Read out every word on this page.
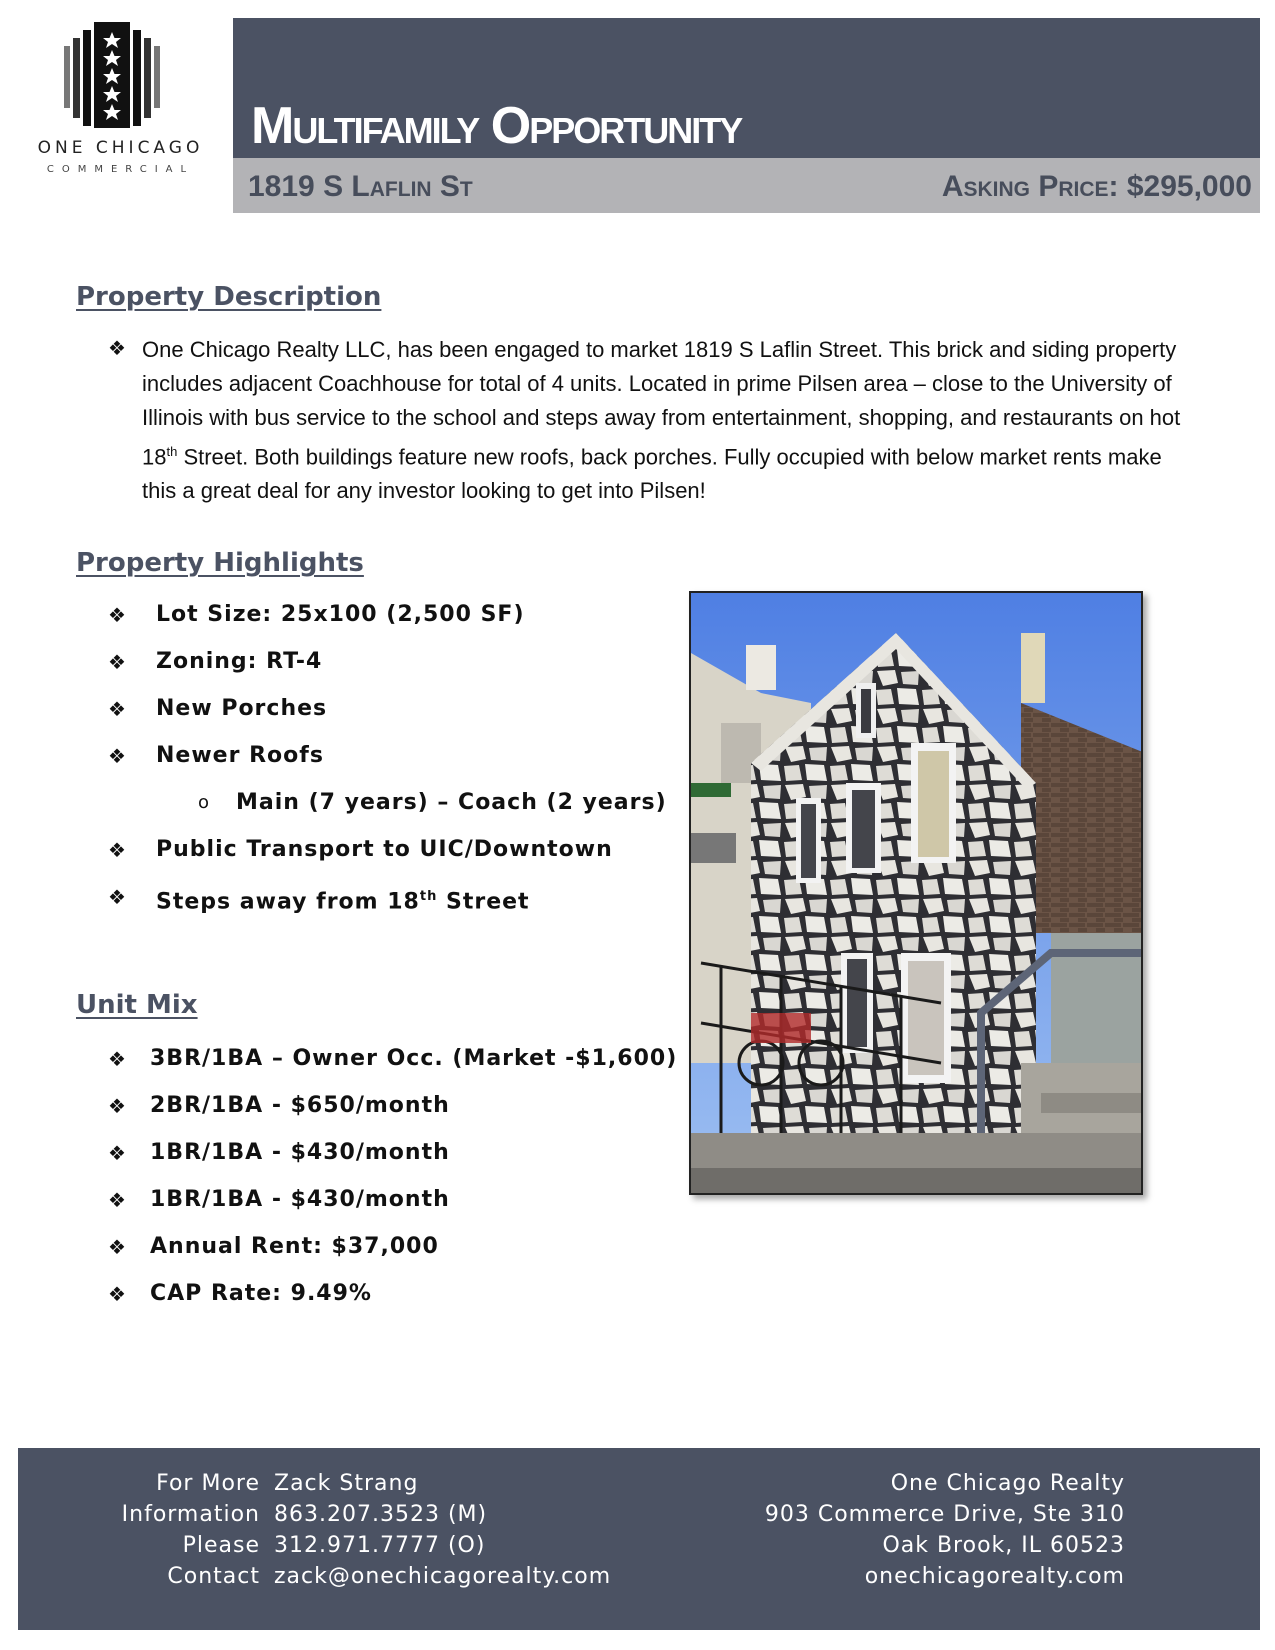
ONE CHICAGO
COMMERCIAL
Multifamily Opportunity
1819 S Laflin St	Asking Price: $295,000
Property Description
❖ One Chicago Realty LLC, has been engaged to market 1819 S Laflin Street. This brick and siding property includes adjacent Coachhouse for total of 4 units. Located in prime Pilsen area – close to the University of Illinois with bus service to the school and steps away from entertainment, shopping, and restaurants on hot 18th Street. Both buildings feature new roofs, back porches. Fully occupied with below market rents make this a great deal for any investor looking to get into Pilsen!

Property Highlights
❖ Lot Size: 25x100 (2,500 SF)
❖ Zoning: RT-4
❖ New Porches
❖ Newer Roofs
o Main (7 years) – Coach (2 years)
❖ Public Transport to UIC/Downtown
❖ Steps away from 18th Street
Unit Mix
❖ 3BR/1BA – Owner Occ. (Market -$1,600)
❖ 2BR/1BA - $650/month
❖ 1BR/1BA - $430/month
❖ 1BR/1BA - $430/month
❖ Annual Rent: $37,000
❖ CAP Rate: 9.49%
For More
Information
Please
Contact
Zack Strang
863.207.3523 (M)
312.971.7777 (O)
zack@onechicagorealty.com
One Chicago Realty
903 Commerce Drive, Ste 310
Oak Brook, IL 60523
onechicagorealty.com
